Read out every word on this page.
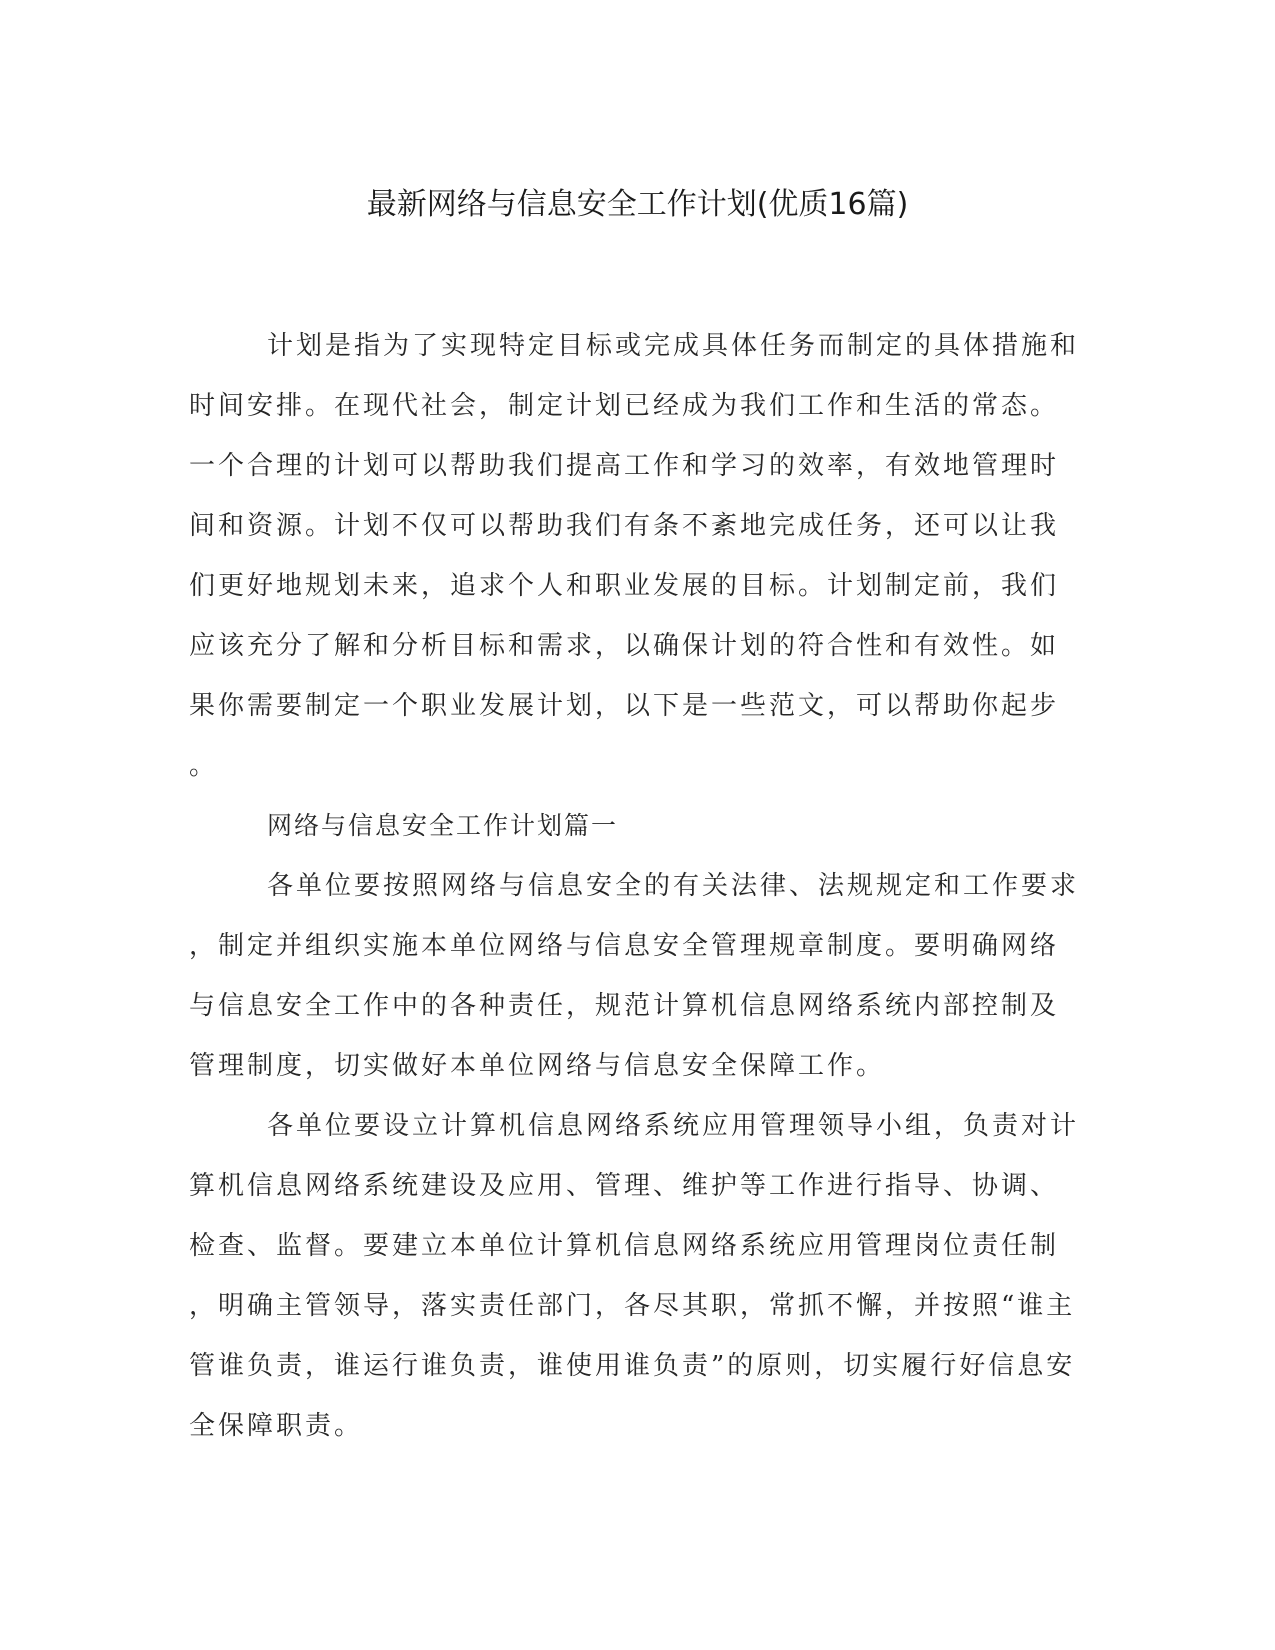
最新网络与信息安全工作计划(优质16篇)
计划是指为了实现特定目标或完成具体任务而制定的具体措施和
时间安排。在现代社会，制定计划已经成为我们工作和生活的常态。
一个合理的计划可以帮助我们提高工作和学习的效率，有效地管理时
间和资源。计划不仅可以帮助我们有条不紊地完成任务，还可以让我
们更好地规划未来，追求个人和职业发展的目标。计划制定前，我们
应该充分了解和分析目标和需求，以确保计划的符合性和有效性。如
果你需要制定一个职业发展计划，以下是一些范文，可以帮助你起步
。
网络与信息安全工作计划篇一
各单位要按照网络与信息安全的有关法律、法规规定和工作要求
，制定并组织实施本单位网络与信息安全管理规章制度。要明确网络
与信息安全工作中的各种责任，规范计算机信息网络系统内部控制及
管理制度，切实做好本单位网络与信息安全保障工作。
各单位要设立计算机信息网络系统应用管理领导小组，负责对计
算机信息网络系统建设及应用、管理、维护等工作进行指导、协调、
检查、监督。要建立本单位计算机信息网络系统应用管理岗位责任制
，明确主管领导，落实责任部门，各尽其职，常抓不懈，并按照“谁主
管谁负责，谁运行谁负责，谁使用谁负责”的原则，切实履行好信息安
全保障职责。
